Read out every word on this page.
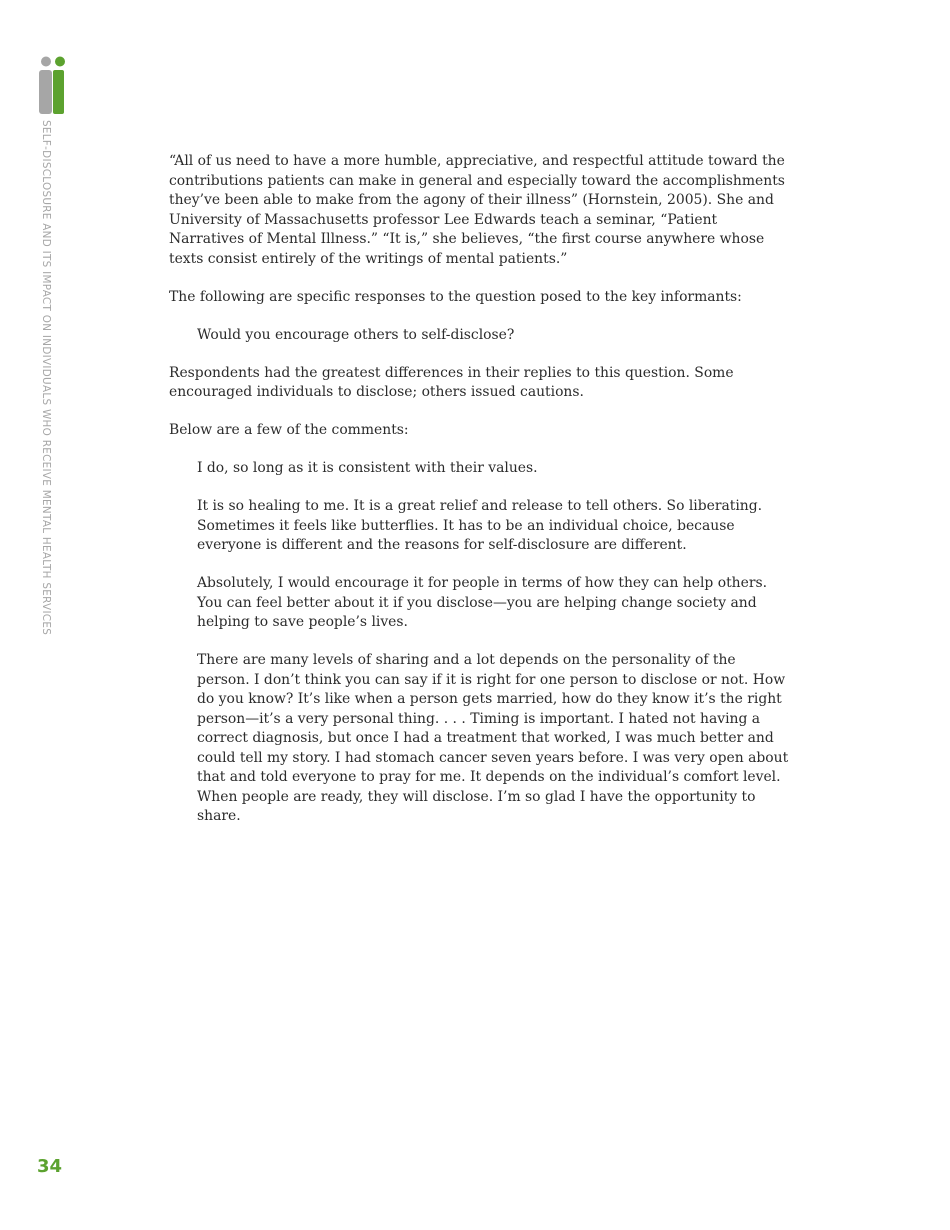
SELF-DISCLOSURE AND ITS IMPACT ON INDIVIDUALS WHO RECEIVE MENTAL HEALTH SERVICES	“All of us need to have a more humble, appreciative, and respectful attitude toward the contributions patients can make in general and especially toward the accomplishments they’ve been able to make from the agony of their illness” (Hornstein, 2005). She and University of Massachusetts professor Lee Edwards teach a seminar, “Patient Narratives of Mental Illness.” “It is,” she believes, “the first course anywhere whose texts consist entirely of the writings of mental patients.”

The following are specific responses to the question posed to the key informants:

Would you encourage others to self-disclose?

Respondents had the greatest differences in their replies to this question. Some encouraged individuals to disclose; others issued cautions.

Below are a few of the comments:

I do, so long as it is consistent with their values.

It is so healing to me. It is a great relief and release to tell others. So liberating. Sometimes it feels like butterflies. It has to be an individual choice, because everyone is different and the reasons for self-disclosure are different.

Absolutely, I would encourage it for people in terms of how they can help others. You can feel better about it if you disclose—you are helping change society and helping to save people’s lives.

There are many levels of sharing and a lot depends on the personality of the person. I don’t think you can say if it is right for one person to disclose or not. How do you know? It’s like when a person gets married, how do they know it’s the right person—it’s a very personal thing. . . . Timing is important. I hated not having a correct diagnosis, but once I had a treatment that worked, I was much better and could tell my story. I had stomach cancer seven years before. I was very open about that and told everyone to pray for me. It depends on the individual’s comfort level. When people are ready, they will disclose. I’m so glad I have the opportunity to share.

34
